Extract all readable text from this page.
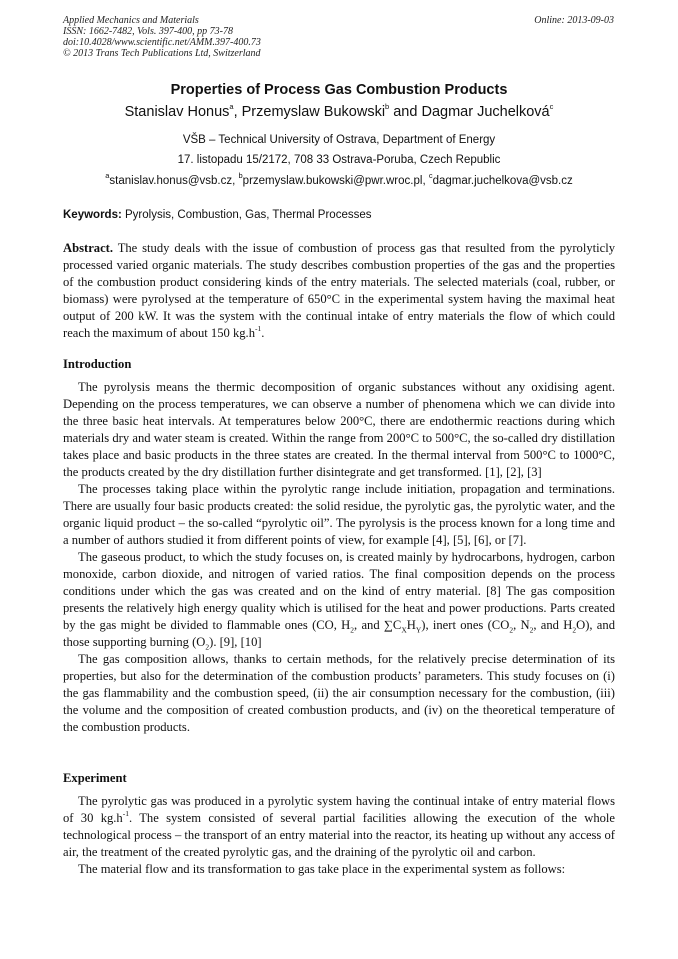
Applied Mechanics and Materials
ISSN: 1662-7482, Vols. 397-400, pp 73-78
doi:10.4028/www.scientific.net/AMM.397-400.73
© 2013 Trans Tech Publications Ltd, Switzerland
Online: 2013-09-03
Properties of Process Gas Combustion Products
Stanislav Honus$^a$, Przemyslaw Bukowski$^b$ and Dagmar Juchelková$^c$
VŠB – Technical University of Ostrava, Department of Energy
17. listopadu 15/2172, 708 33 Ostrava-Poruba, Czech Republic
$^a$stanislav.honus@vsb.cz, $^b$przemyslaw.bukowski@pwr.wroc.pl, $^c$dagmar.juchelkova@vsb.cz
Keywords: Pyrolysis, Combustion, Gas, Thermal Processes

Abstract. The study deals with the issue of combustion of process gas that resulted from the pyrolyticly processed varied organic materials. The study describes combustion properties of the gas and the properties of the combustion product considering kinds of the entry materials. The selected materials (coal, rubber, or biomass) were pyrolysed at the temperature of 650°C in the experimental system having the maximal heat output of 200 kW. It was the system with the continual intake of entry materials the flow of which could reach the maximum of about 150 $kg.h^{-1}$.

Introduction

The pyrolysis means the thermic decomposition of organic substances without any oxidising agent. Depending on the process temperatures, we can observe a number of phenomena which we can divide into the three basic heat intervals. At temperatures below 200°C, there are endothermic reactions during which materials dry and water steam is created. Within the range from 200°C to 500°C, the so-called dry distillation takes place and basic products in the three states are created. In the thermal interval from 500°C to 1000°C, the products created by the dry distillation further disintegrate and get transformed. [1], [2], [3]

The processes taking place within the pyrolytic range include initiation, propagation and terminations. There are usually four basic products created: the solid residue, the pyrolytic gas, the pyrolytic water, and the organic liquid product – the so-called “pyrolytic oil”. The pyrolysis is the process known for a long time and a number of authors studied it from different points of view, for example [4], [5], [6], or [7].

The gaseous product, to which the study focuses on, is created mainly by hydrocarbons, hydrogen, carbon monoxide, carbon dioxide, and nitrogen of varied ratios. The final composition depends on the process conditions under which the gas was created and on the kind of entry material. [8] The gas composition presents the relatively high energy quality which is utilised for the heat and power productions. Parts created by the gas might be divided to flammable ones (CO, $H_2$, and $\sum C_XH_Y$), inert ones ($CO_2$, $N_2$, and $H_2O$), and those supporting burning $(O_2)$. [9], [10]

The gas composition allows, thanks to certain methods, for the relatively precise determination of its properties, but also for the determination of the combustion products’ parameters. This study focuses on (i) the gas flammability and the combustion speed, (ii) the air consumption necessary for the combustion, (iii) the volume and the composition of created combustion products, and (iv) on the theoretical temperature of the combustion products.

Experiment

The pyrolytic gas was produced in a pyrolytic system having the continual intake of entry material flows of 30 $kg.h^{-1}$. The system consisted of several partial facilities allowing the execution of the whole technological process – the transport of an entry material into the reactor, its heating up without any access of air, the treatment of the created pyrolytic gas, and the draining of the pyrolytic oil and carbon.

The material flow and its transformation to gas take place in the experimental system as follows:
